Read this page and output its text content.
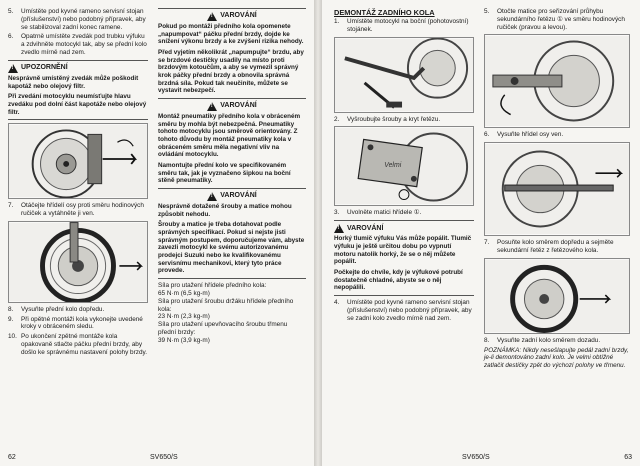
5.	Umístěte pod kyvné rameno servisní stojan (příslušenství) nebo podobný přípravek, aby se stabilizoval zadní konec ramene.
6.	Opatrně umístěte zvedák pod trubku výfuku a zdvihněte motocykl tak, aby se přední kolo zvedlo mírně nad zem.
!
UPOZORNĚNÍ
Nesprávně umístěný zvedák může poškodit kapotáž nebo olejový filtr.
Při zvedání motocyklu neumísťujte hlavu zvedáku pod dolní část kapotáže nebo olejový filtr.
7.	Otáčejte hřídelí osy proti směru hodinových ručiček a vytáhněte ji ven.
8.	Vysuňte přední kolo dopředu.
9.	Při opětné montáži kola vykonejte uvedené kroky v obráceném sledu.
10. Po ukončení zpětné montáže kola opakovaně stlačte páčku přední brzdy, aby došlo ke správnému nastavení polohy brzdy.
!
VAROVÁNÍ
Pokud po montáži předního kola opomenete „napumpovat“ páčku přední brzdy, dojde ke snížení výkonu brzdy a ke zvýšení rizika nehody.
Před vyjetím několikrát „napumpujte“ brzdu, aby se brzdové destičky usadily na místo proti brzdovým kotoučům, a aby se vymezil správný krok páčky přední brzdy a obnovila správná brzdná síla. Pokud tak neučiníte, můžete se vystavit nebezpečí.
!
VAROVÁNÍ
Montáž pneumatiky předního kola v obráceném směru by mohla být nebezpečná. Pneumatiky tohoto motocyklu jsou směrově orientovány. Z tohoto důvodu by montáž pneumatiky kola v obráceném směru měla negativní vliv na ovládání motocyklu.
Namontujte přední kolo ve specifikovaném směru tak, jak je vyznačeno šipkou na boční stěně pneumatiky.
!
VAROVÁNÍ
Nesprávně dotažené šrouby a matice mohou způsobit nehodu.
Šrouby a matice je třeba dotahovat podle správných specifikací. Pokud si nejste jisti správným postupem, doporučujeme vám, abyste zavezli motocykl ke svému autorizovanému prodejci Suzuki nebo ke kvalifikovanému servisnímu mechanikovi, který tyto práce provede.
Síla pro utažení hřídele předního kola:
65 N·m (6,5 kg-m)
Síla pro utažení šroubu držáku hřídele předního kola:
23 N·m (2,3 kg-m)
Síla pro utažení upevňovacího šroubu třmenu přední brzdy:
39 N·m (3,9 kg-m)
62	SV650/S
DEMONTÁŽ ZADNÍHO KOLA
1.	Umístěte motocykl na boční (pohotovostní) stojánek.
2.	Vyšroubujte šrouby a kryt řetězu.
Velmi
3.	Uvolněte matici hřídele ①.
!
VAROVÁNÍ
Horký tlumič výfuku Vás může popálit. Tlumič výfuku je ještě určitou dobu po vypnutí motoru natolik horký, že se o něj můžete popálit.
Počkejte do chvíle, kdy je výfukové potrubí dostatečně chladné, abyste se o něj nepopálili.
4.	Umístěte pod kyvné rameno servisní stojan (příslušenství) nebo podobný přípravek, aby se zadní kolo zvedlo mírně nad zem.
5.	Otočte matice pro seřizování průhybu sekundárního řetězu ① ve směru hodinových ručiček (pravou a levou).
6.	Vysuňte hřídel osy ven.
7.	Posuňte kolo směrem dopředu a sejměte sekundární řetěz z řetězového kola.
8.	Vysuňte zadní kolo směrem dozadu.
POZNÁMKA: Nikdy nesešlapujte pedál zadní brzdy, je-li demontováno zadní kolo. Je velmi obtížné zatlačit destičky zpět do výchozí polohy ve třmenu.
SV650/S	63
